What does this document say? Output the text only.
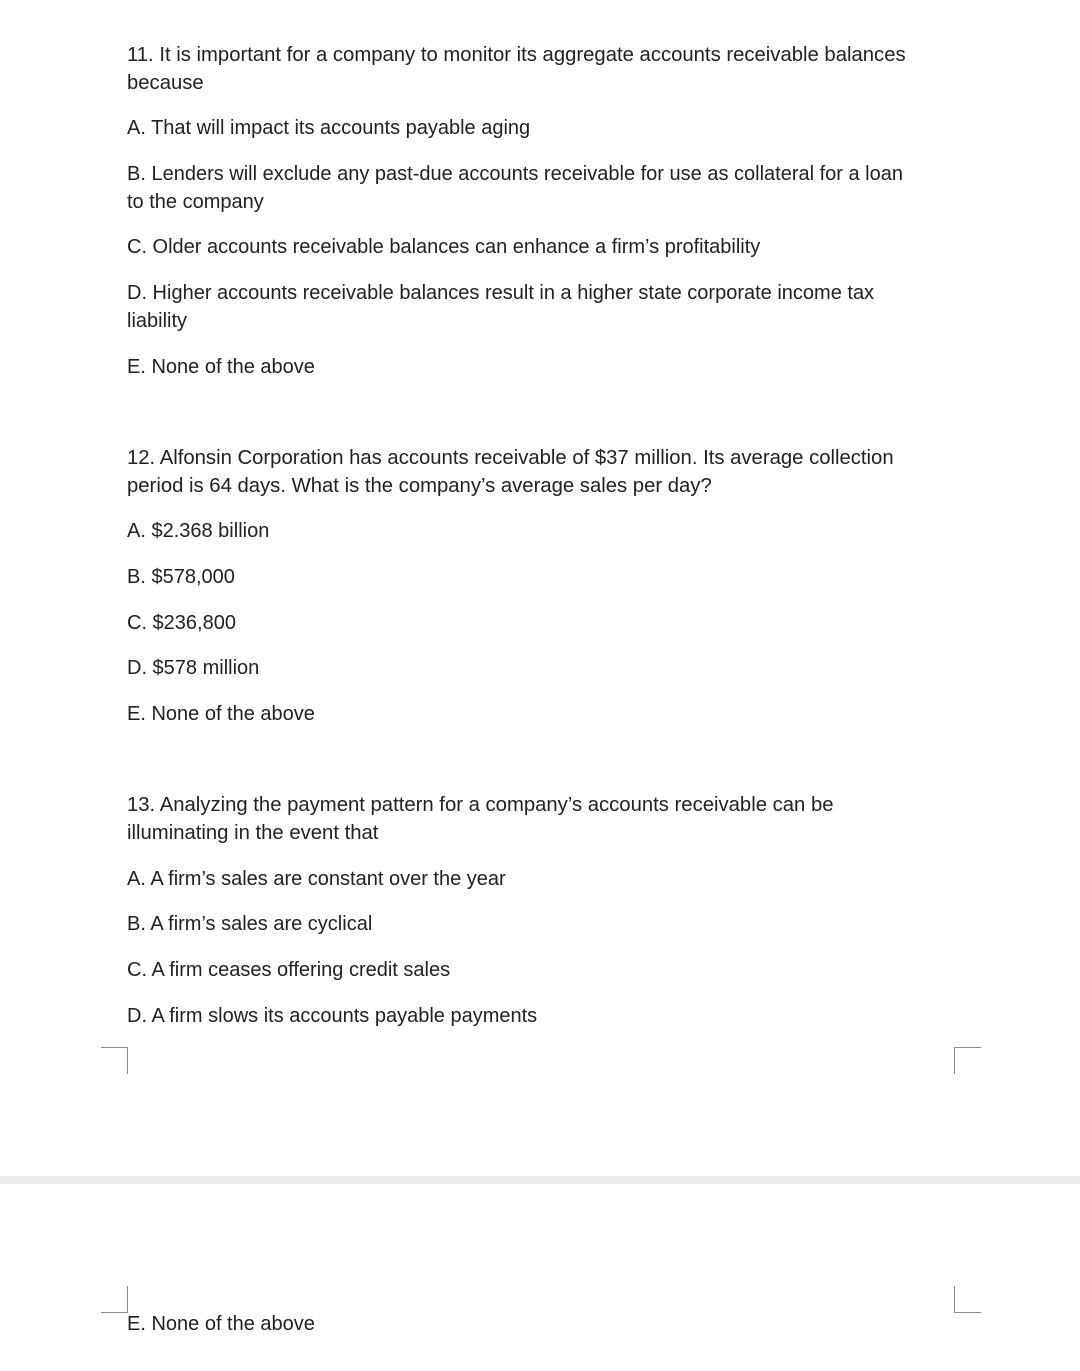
11. It is important for a company to monitor its aggregate accounts receivable balances

because

A. That will impact its accounts payable aging

B. Lenders will exclude any past-due accounts receivable for use as collateral for a loan

to the company

C. Older accounts receivable balances can enhance a firm’s profitability

D. Higher accounts receivable balances result in a higher state corporate income tax

liability

E. None of the above

12. Alfonsin Corporation has accounts receivable of $37 million. Its average collection

period is 64 days. What is the company’s average sales per day?

A. $2.368 billion

B. $578,000

C. $236,800

D. $578 million

E. None of the above

13. Analyzing the payment pattern for a company’s accounts receivable can be

illuminating in the event that

A. A firm’s sales are constant over the year

B. A firm’s sales are cyclical

C. A firm ceases offering credit sales

D. A firm slows its accounts payable payments

E. None of the above
